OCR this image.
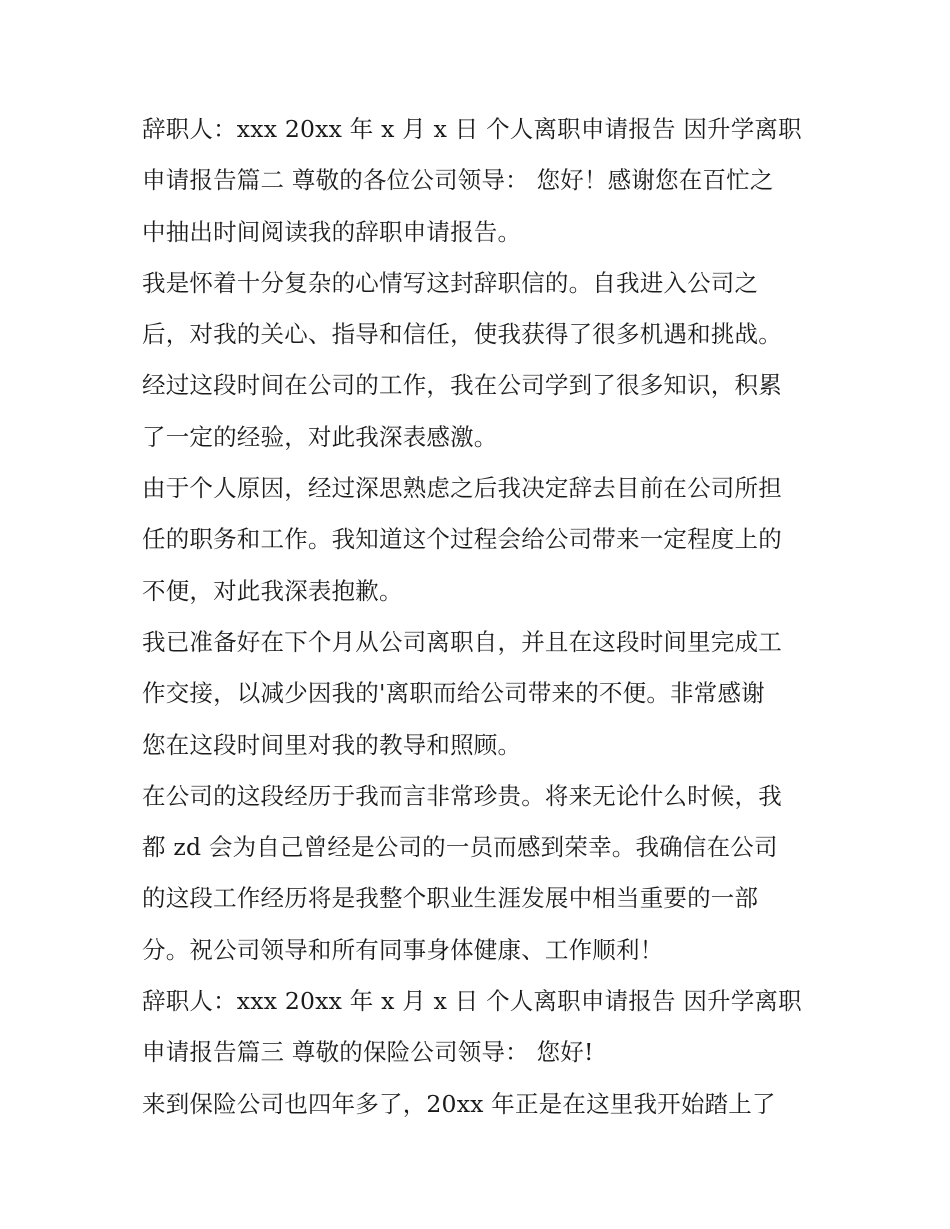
辞职人：xxx 20xx 年 x 月 x 日 个人离职申请报告 因升学离职
申请报告篇二 尊敬的各位公司领导： 您好！感谢您在百忙之
中抽出时间阅读我的辞职申请报告。
我是怀着十分复杂的心情写这封辞职信的。自我进入公司之
后，对我的关心、指导和信任，使我获得了很多机遇和挑战。
经过这段时间在公司的工作，我在公司学到了很多知识，积累
了一定的经验，对此我深表感激。
由于个人原因，经过深思熟虑之后我决定辞去目前在公司所担
任的职务和工作。我知道这个过程会给公司带来一定程度上的
不便，对此我深表抱歉。
我已准备好在下个月从公司离职自，并且在这段时间里完成工
作交接，以减少因我的'离职而给公司带来的不便。非常感谢
您在这段时间里对我的教导和照顾。
在公司的这段经历于我而言非常珍贵。将来无论什么时候，我
都 zd 会为自己曾经是公司的一员而感到荣幸。我确信在公司
的这段工作经历将是我整个职业生涯发展中相当重要的一部
分。祝公司领导和所有同事身体健康、工作顺利！
辞职人：xxx 20xx 年 x 月 x 日 个人离职申请报告 因升学离职
申请报告篇三 尊敬的保险公司领导： 您好!
来到保险公司也四年多了，20xx 年正是在这里我开始踏上了
